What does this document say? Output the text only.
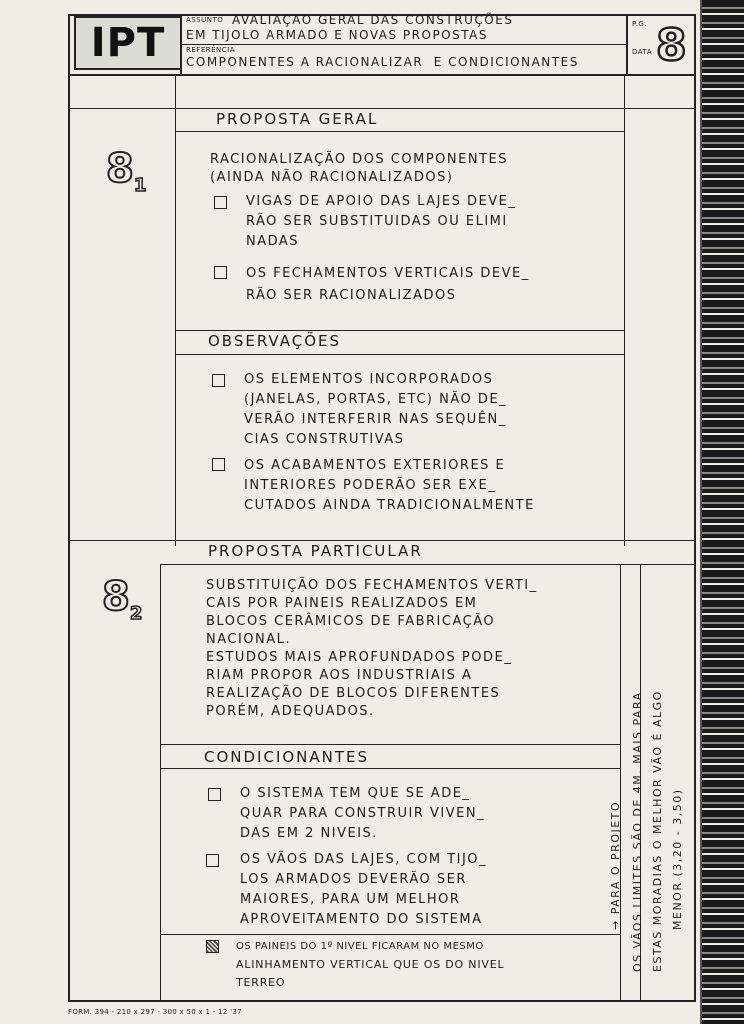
IPT	ASSUNTO AVALIAÇAO GERAL DAS CONSTRUÇÕES
EM TIJOLO ARMADO E NOVAS PROPOSTAS
REFERÊNCIA
COMPONENTES A RACIONALIZAR  E CONDICIONANTES
P.G.
DATA 8
PROPOSTA GERAL
$8_1$
RACIONALIZAÇÃO DOS COMPONENTES
(AINDA NÃO RACIONALIZADOS)
VIGAS DE APOIO DAS LAJES DEVE_
RÃO SER SUBSTITUIDAS OU ELIMI
NADAS
OS FECHAMENTOS VERTICAIS DEVE_
RÃO SER RACIONALIZADOS
OBSERVAÇÕES
OS ELEMENTOS INCORPORADOS
(JANELAS, PORTAS, ETC) NÃO DE_
VERÃO INTERFERIR NAS SEQUÊN_
CIAS CONSTRUTIVAS
OS ACABAMENTOS EXTERIORES E
INTERIORES PODERÃO SER EXE_
CUTADOS AINDA TRADICIONALMENTE
PROPOSTA PARTICULAR
$8_2$
SUBSTITUIÇÃO DOS FECHAMENTOS VERTI_
CAIS POR PAINEIS REALIZADOS EM
BLOCOS CERÂMICOS DE FABRICAÇÃO
NACIONAL.
ESTUDOS MAIS APROFUNDADOS PODE_
RIAM PROPOR AOS INDUSTRIAIS A
REALIZAÇÃO DE BLOCOS DIFERENTES
PORÉM, ADEQUADOS.
CONDICIONANTES
O SISTEMA TEM QUE SE ADE_
QUAR PARA CONSTRUIR VIVEN_
DAS EM 2 NIVEIS.
OS VÃOS DAS LAJES, COM TIJO_
LOS ARMADOS DEVERÃO SER
MAIORES, PARA UM MELHOR
APROVEITAMENTO DO SISTEMA
OS PAINEIS DO 1º NIVEL FICARAM NO MESMO
ALINHAMENTO VERTICAL QUE OS DO NIVEL
TERREO
→ PARA O PROJETO OS VÃOS LIMITES SÃO DE 4M. MAIS PARA ESTAS MORADIAS O MELHOR VÃO É ALGO MENOR (3,20 - 3,50)
FORM. 394 - 210 x 297 - 300 x 50 x 1 - 12 '37
